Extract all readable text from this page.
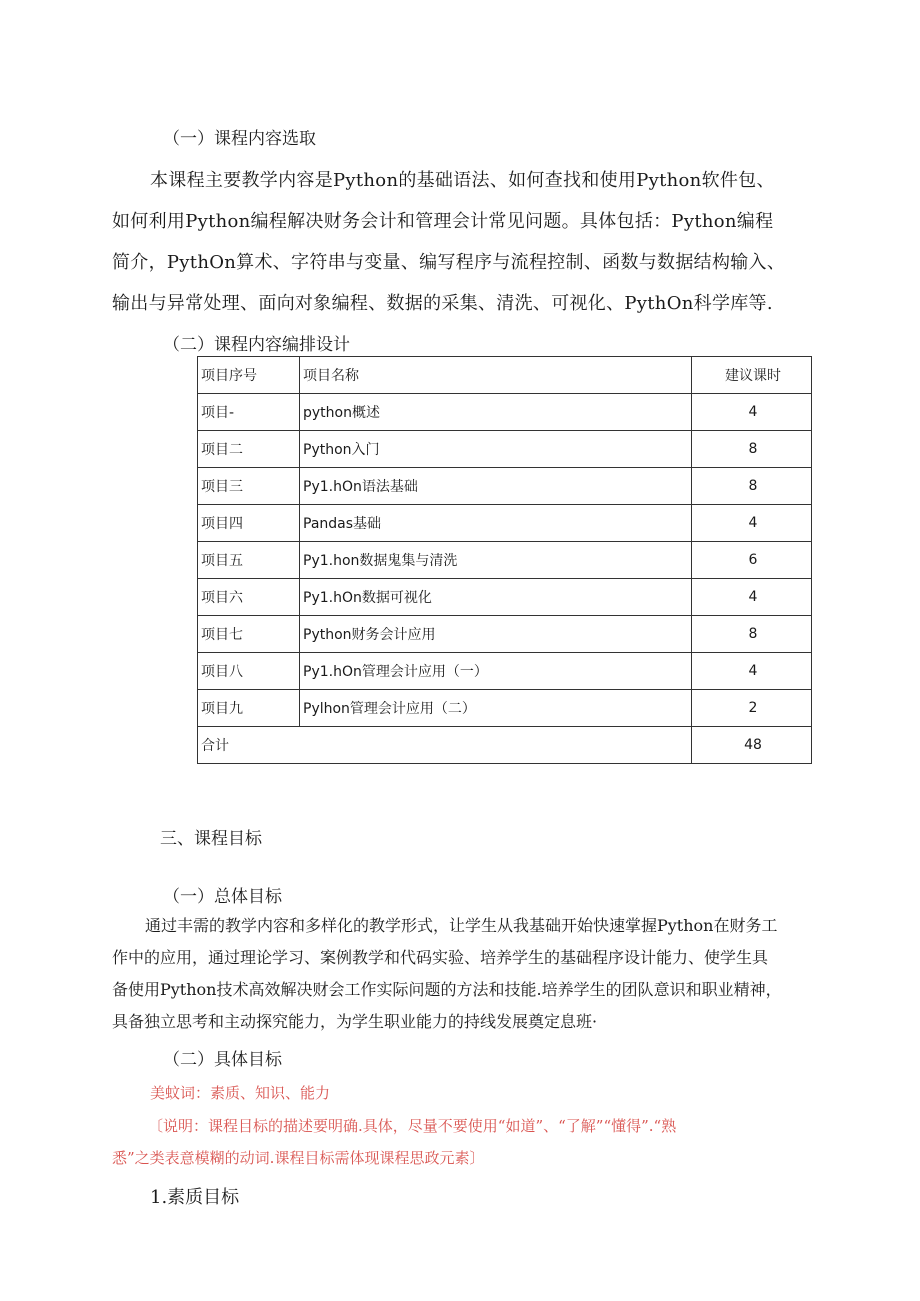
（一）课程内容选取
本课程主要教学内容是Python的基础语法、如何查找和使用Python软件包、
如何利用Python编程解决财务会计和管理会计常见问题。具体包括：Python编程
简介，PythOn算术、字符串与变量、编写程序与流程控制、函数与数据结构输入、
输出与异常处理、面向对象编程、数据的采集、清洗、可视化、PythOn科学库等.
（二）课程内容编排设计
项目序号	项目名称	建议课时
项目-	python概述	4
项目二	Python入门	8
项目三	Py1.hOn语法基础	8
项目四	Pandas基础	4
项目五	Py1.hon数据鬼集与清洗	6
项目六	Py1.hOn数据可视化	4
项目七	Python财务会计应用	8
项目八	Py1.hOn管理会计应用（一）	4
项目九	Pylhon管理会计应用（二）	2
合计		48
三、课程目标
（一）总体目标
通过丰需的教学内容和多样化的教学形式，让学生从我基础开始快速掌握Python在财务工
作中的应用，通过理论学习、案例教学和代码实验、培养学生的基础程序设计能力、使学生具
备使用Python技术高效解决财会工作实际问题的方法和技能.培养学生的团队意识和职业精神，
具备独立思考和主动探究能力，为学生职业能力的持线发展奠定息班·
（二）具体目标
美蚊词：素质、知识、能力
〔说明：课程目标的描述要明确.具体，尽量不要使用“如道”、“了解”“懂得”.“熟
悉”之类表意模糊的动词.课程目标需体现课程思政元素〕
1.素质目标
